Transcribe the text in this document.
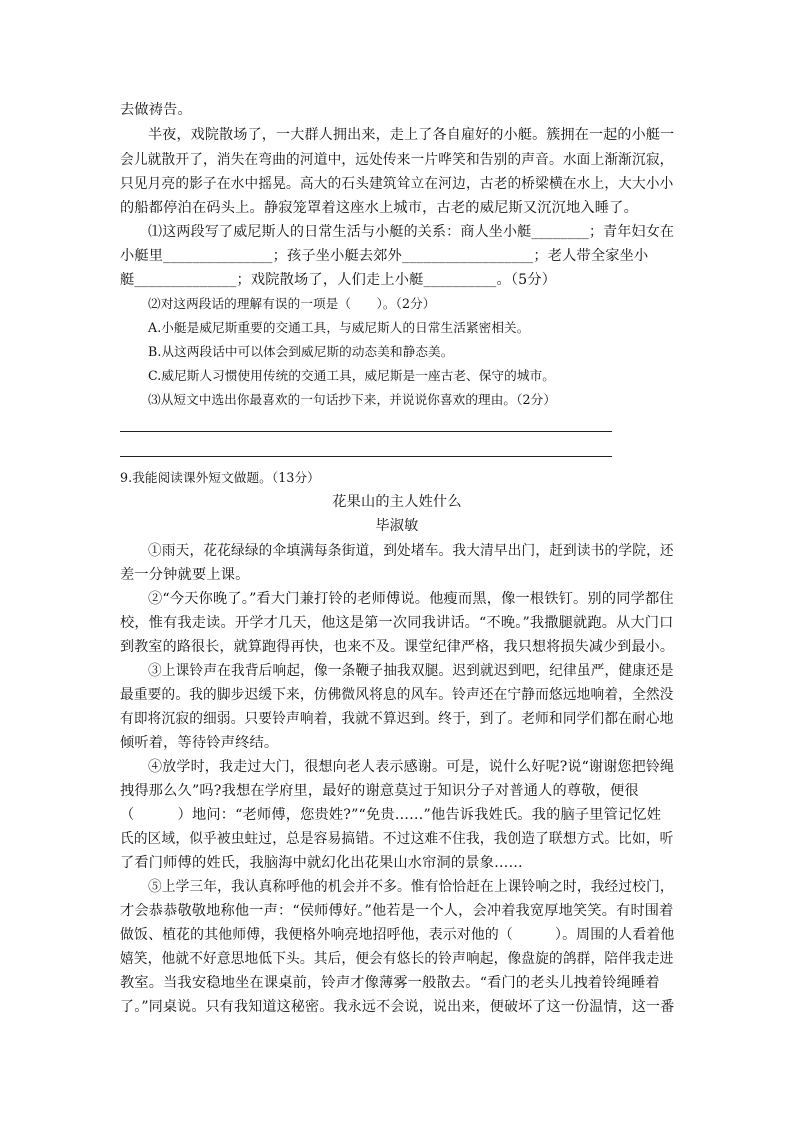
去做祷告。
半夜，戏院散场了，一大群人拥出来，走上了各自雇好的小艇。簇拥在一起的小艇一
会儿就散开了，消失在弯曲的河道中，远处传来一片哗笑和告别的声音。水面上渐渐沉寂，
只见月亮的影子在水中摇晃。高大的石头建筑耸立在河边，古老的桥梁横在水上，大大小小
的船都停泊在码头上。静寂笼罩着这座水上城市，古老的威尼斯又沉沉地入睡了。
⑴这两段写了威尼斯人的日常生活与小艇的关系：商人坐小艇________；青年妇女在
小艇里_______________；孩子坐小艇去郊外__________________；老人带全家坐小
艇______________；戏院散场了，人们走上小艇__________。（5分）
⑵对这两段话的理解有误的一项是（　　）。（2分）
A.小艇是威尼斯重要的交通工具，与威尼斯人的日常生活紧密相关。
B.从这两段话中可以体会到威尼斯的动态美和静态美。
C.威尼斯人习惯使用传统的交通工具，威尼斯是一座古老、保守的城市。
⑶从短文中选出你最喜欢的一句话抄下来，并说说你喜欢的理由。（2分）
9.我能阅读课外短文做题。（13分）
花果山的主人姓什么
毕淑敏
①雨天，花花绿绿的伞填满每条街道，到处堵车。我大清早出门，赶到读书的学院，还
差一分钟就要上课。
②“今天你晚了。”看大门兼打铃的老师傅说。他瘦而黑，像一根铁钉。别的同学都住
校，惟有我走读。开学才几天，他这是第一次同我讲话。“不晚。”我撒腿就跑。从大门口
到教室的路很长，就算跑得再快，也来不及。课堂纪律严格，我只想将损失减少到最小。
③上课铃声在我背后响起，像一条鞭子抽我双腿。迟到就迟到吧，纪律虽严，健康还是
最重要的。我的脚步迟缓下来，仿佛微风将息的风车。铃声还在宁静而悠远地响着，全然没
有即将沉寂的细弱。只要铃声响着，我就不算迟到。终于，到了。老师和同学们都在耐心地
倾听着，等待铃声终结。
④放学时，我走过大门，很想向老人表示感谢。可是，说什么好呢?说“谢谢您把铃绳
拽得那么久”吗?我想在学府里，最好的谢意莫过于知识分子对普通人的尊敬，便很
（　　　）地问：“老师傅，您贵姓?”“免贵……”他告诉我姓氏。我的脑子里管记忆姓
氏的区域，似乎被虫蛀过，总是容易搞错。不过这难不住我，我创造了联想方式。比如，听
了看门师傅的姓氏，我脑海中就幻化出花果山水帘洞的景象……
⑤上学三年，我认真称呼他的机会并不多。惟有恰恰赶在上课铃响之时，我经过校门，
才会恭恭敬敬地称他一声：“侯师傅好。”他若是一个人，会冲着我宽厚地笑笑。有时围着
做饭、植花的其他师傅，我便格外响亮地招呼他，表示对他的（　　　）。周围的人看着他
嬉笑，他就不好意思地低下头。其后，便会有悠长的铃声响起，像盘旋的鸽群，陪伴我走进
教室。当我安稳地坐在课桌前，铃声才像薄雾一般散去。“看门的老头儿拽着铃绳睡着
了。”同桌说。只有我知道这秘密。我永远不会说，说出来，便破坏了这一份温情，这一番
